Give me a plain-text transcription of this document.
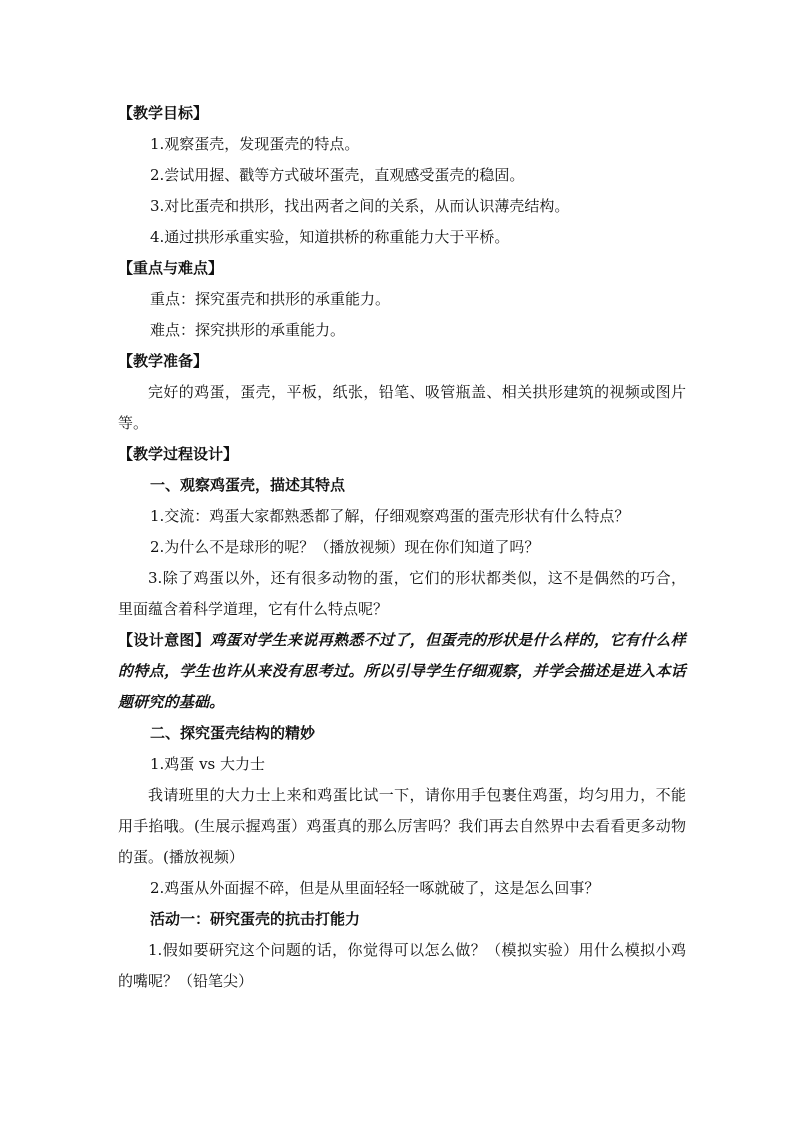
【教学目标】
1.观察蛋壳，发现蛋壳的特点。
2.尝试用握、戳等方式破坏蛋壳，直观感受蛋壳的稳固。
3.对比蛋壳和拱形，找出两者之间的关系，从而认识薄壳结构。
4.通过拱形承重实验，知道拱桥的称重能力大于平桥。
【重点与难点】
重点：探究蛋壳和拱形的承重能力。
难点：探究拱形的承重能力。
【教学准备】
完好的鸡蛋，蛋壳，平板，纸张，铅笔、吸管瓶盖、相关拱形建筑的视频或图片等。
【教学过程设计】
一、观察鸡蛋壳，描述其特点
1.交流：鸡蛋大家都熟悉都了解，仔细观察鸡蛋的蛋壳形状有什么特点？
2.为什么不是球形的呢？（播放视频）现在你们知道了吗？
3.除了鸡蛋以外，还有很多动物的蛋，它们的形状都类似，这不是偶然的巧合，里面蕴含着科学道理，它有什么特点呢？
【设计意图】鸡蛋对学生来说再熟悉不过了，但蛋壳的形状是什么样的，它有什么样的特点，学生也许从来没有思考过。所以引导学生仔细观察，并学会描述是进入本话题研究的基础。
二、探究蛋壳结构的精妙
1.鸡蛋 vs 大力士
我请班里的大力士上来和鸡蛋比试一下，请你用手包裹住鸡蛋，均匀用力，不能用手掐哦。(生展示握鸡蛋）鸡蛋真的那么厉害吗？我们再去自然界中去看看更多动物的蛋。(播放视频）
2.鸡蛋从外面握不碎，但是从里面轻轻一啄就破了，这是怎么回事？
活动一：研究蛋壳的抗击打能力
1.假如要研究这个问题的话，你觉得可以怎么做？（模拟实验）用什么模拟小鸡的嘴呢？（铅笔尖）
